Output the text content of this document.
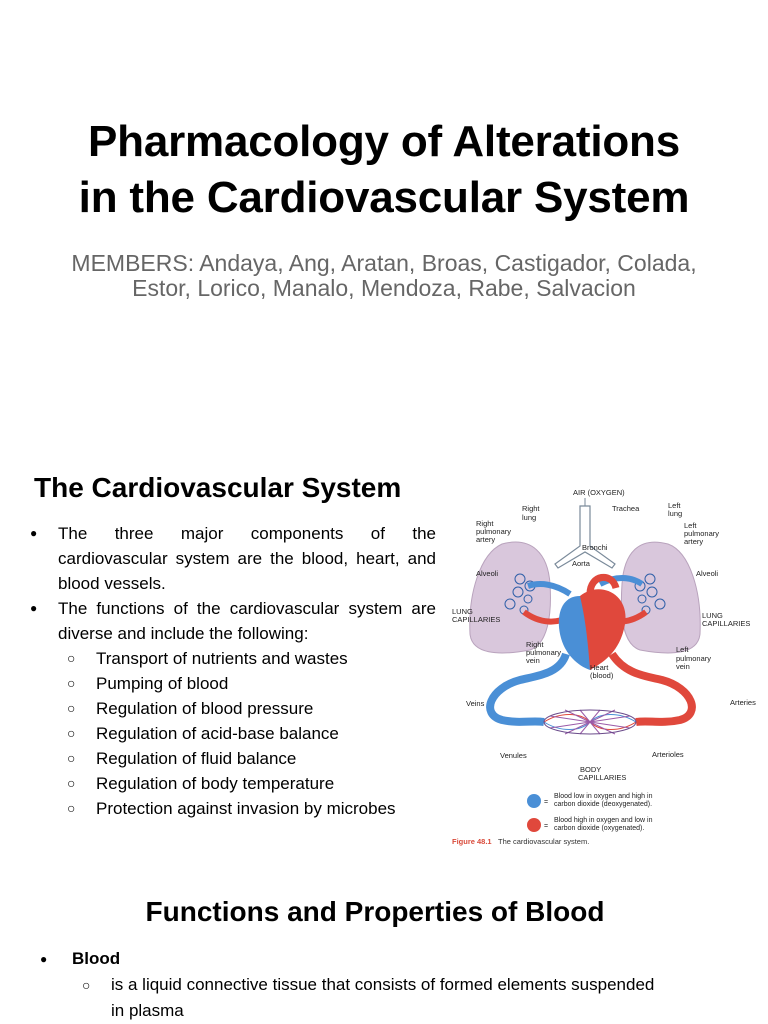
Pharmacology of Alterations
in the Cardiovascular System
MEMBERS: Andaya, Ang, Aratan, Broas, Castigador, Colada,
Estor, Lorico, Manalo, Mendoza, Rabe, Salvacion
The Cardiovascular System
● The three major components of the cardiovascular system are the blood, heart, and blood vessels.
● The functions of the cardiovascular system are diverse and include the following:
○ Transport of nutrients and wastes
○ Pumping of blood
○ Regulation of blood pressure
○ Regulation of acid-base balance
○ Regulation of fluid balance
○ Regulation of body temperature
○ Protection against invasion by microbes
AIR (OXYGEN)
Trachea
Right
lung
Left
lung
Right
pulmonary
artery
Left
pulmonary
artery
Bronchi
Aorta
Alveoli	Alveoli
LUNG
CAPILLARIES	LUNG
CAPILLARIES
Right
pulmonary
vein
Left
pulmonary
vein
Heart
(blood)
Veins	Arteries
Venules	Arterioles
BODY
CAPILLARIES
=
Blood low in oxygen and high in
carbon dioxide (deoxygenated).
=
Blood high in oxygen and low in
carbon dioxide (oxygenated).
Figure 48.1 The cardiovascular system.
Functions and Properties of Blood
●	Blood
○	is a liquid connective tissue that consists of formed elements suspended
in plasma
